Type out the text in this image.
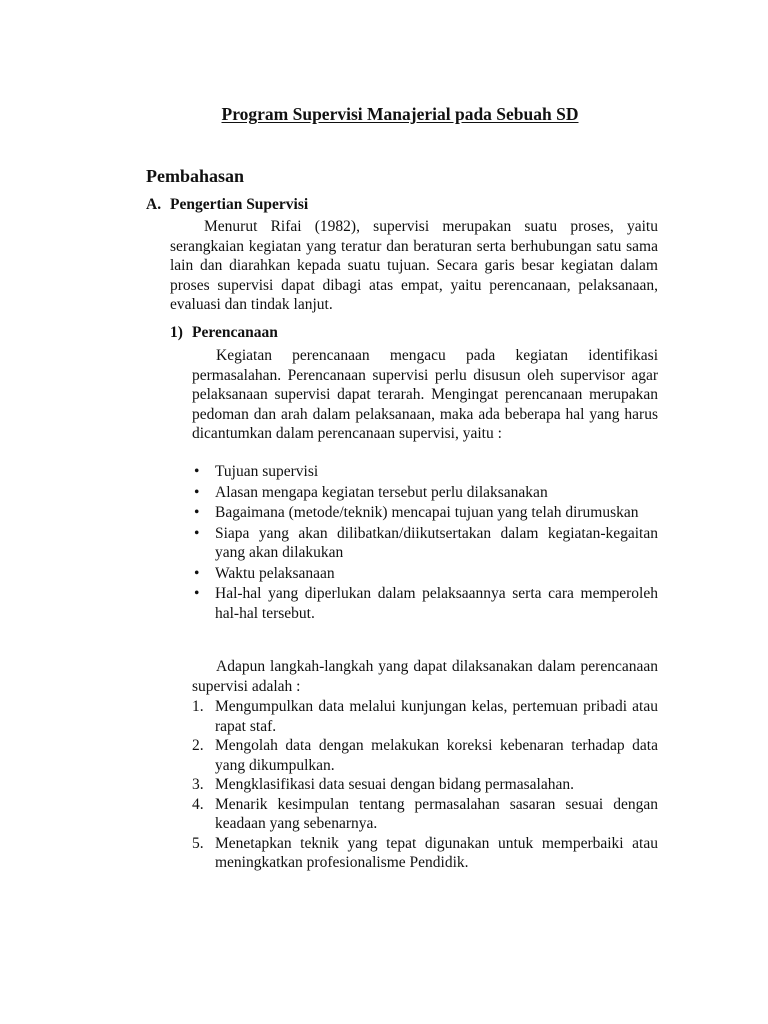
Program Supervisi Manajerial pada Sebuah SD
Pembahasan
A. Pengertian Supervisi

Menurut Rifai (1982), supervisi merupakan suatu proses, yaitu serangkaian kegiatan yang teratur dan beraturan serta berhubungan satu sama lain dan diarahkan kepada suatu tujuan. Secara garis besar kegiatan dalam proses supervisi dapat dibagi atas empat, yaitu perencanaan, pelaksanaan, evaluasi dan tindak lanjut.

1) Perencanaan

Kegiatan perencanaan mengacu pada kegiatan identifikasi permasalahan. Perencanaan supervisi perlu disusun oleh supervisor agar pelaksanaan supervisi dapat terarah. Mengingat perencanaan merupakan pedoman dan arah dalam pelaksanaan, maka ada beberapa hal yang harus dicantumkan dalam perencanaan supervisi, yaitu :

• Tujuan supervisi
• Alasan mengapa kegiatan tersebut perlu dilaksanakan
• Bagaimana (metode/teknik) mencapai tujuan yang telah dirumuskan
• Siapa yang akan dilibatkan/diikutsertakan dalam kegiatan-kegaitan yang akan dilakukan
• Waktu pelaksanaan
• Hal-hal yang diperlukan dalam pelaksaannya serta cara memperoleh hal-hal tersebut.

Adapun langkah-langkah yang dapat dilaksanakan dalam perencanaan supervisi adalah :

1. Mengumpulkan data melalui kunjungan kelas, pertemuan pribadi atau rapat staf.
2. Mengolah data dengan melakukan koreksi kebenaran terhadap data yang dikumpulkan.
3. Mengklasifikasi data sesuai dengan bidang permasalahan.
4. Menarik kesimpulan tentang permasalahan sasaran sesuai dengan keadaan yang sebenarnya.
5. Menetapkan teknik yang tepat digunakan untuk memperbaiki atau meningkatkan profesionalisme Pendidik.
